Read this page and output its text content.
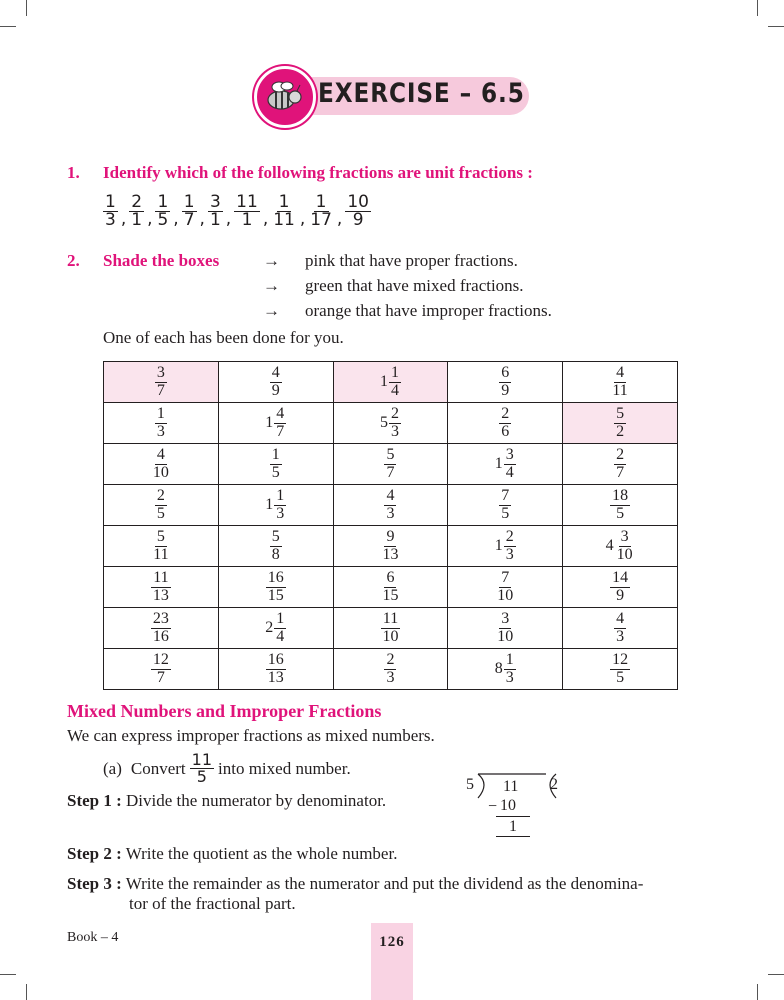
EXERCISE – 6.5
1. Identify which of the following fractions are unit fractions :
$\frac{1}{3}$ , $\frac{2}{1}$ , $\frac{1}{5}$ , $\frac{1}{7}$ , $\frac{3}{1}$ , $\frac{11}{1}$ , $\frac{1}{11}$ , $\frac{1}{17}$ , $\frac{10}{9}$
2. Shade the boxes	→ pink that have proper fractions.
→ green that have mixed fractions.
→ orange that have improper fractions.
One of each has been done for you.
$\frac{3}{7}$	$\frac{4}{9}$	$1 \frac{1}{4}$	$\frac{6}{9}$	$\frac{4}{11}$

$\frac{1}{3}$	$1 \frac{4}{7}$	$5 \frac{2}{3}$	$\frac{2}{6}$	$\frac{5}{2}$

$\frac{4}{10}$	$\frac{1}{5}$	$\frac{5}{7}$	$1 \frac{3}{4}$	$\frac{2}{7}$

$\frac{2}{5}$	$1 \frac{1}{3}$	$\frac{4}{3}$	$\frac{7}{5}$	$\frac{18}{5}$

$\frac{5}{11}$	$\frac{5}{8}$	$\frac{9}{13}$	$1 \frac{2}{3}$	$4 \frac{3}{10}$

$\frac{11}{13}$	$\frac{16}{15}$	$\frac{6}{15}$	$\frac{7}{10}$	$\frac{14}{9}$

$\frac{23}{16}$	$2 \frac{1}{4}$	$\frac{11}{10}$	$\frac{3}{10}$	$\frac{4}{3}$

$\frac{12}{7}$	$\frac{16}{13}$	$\frac{2}{3}$	$8 \frac{1}{3}$	$\frac{12}{5}$
Mixed Numbers and Improper Fractions
We can express improper fractions as mixed numbers.
(a) Convert $\frac{11}{5}$ into mixed number.
Step 1 : Divide the numerator by denominator.
Step 2 : Write the quotient as the whole number.
Step 3 : Write the remainder as the numerator and put the dividend as the denomina-
tor of the fractional part.
5 11 2
− 10
1
Book – 4	126
